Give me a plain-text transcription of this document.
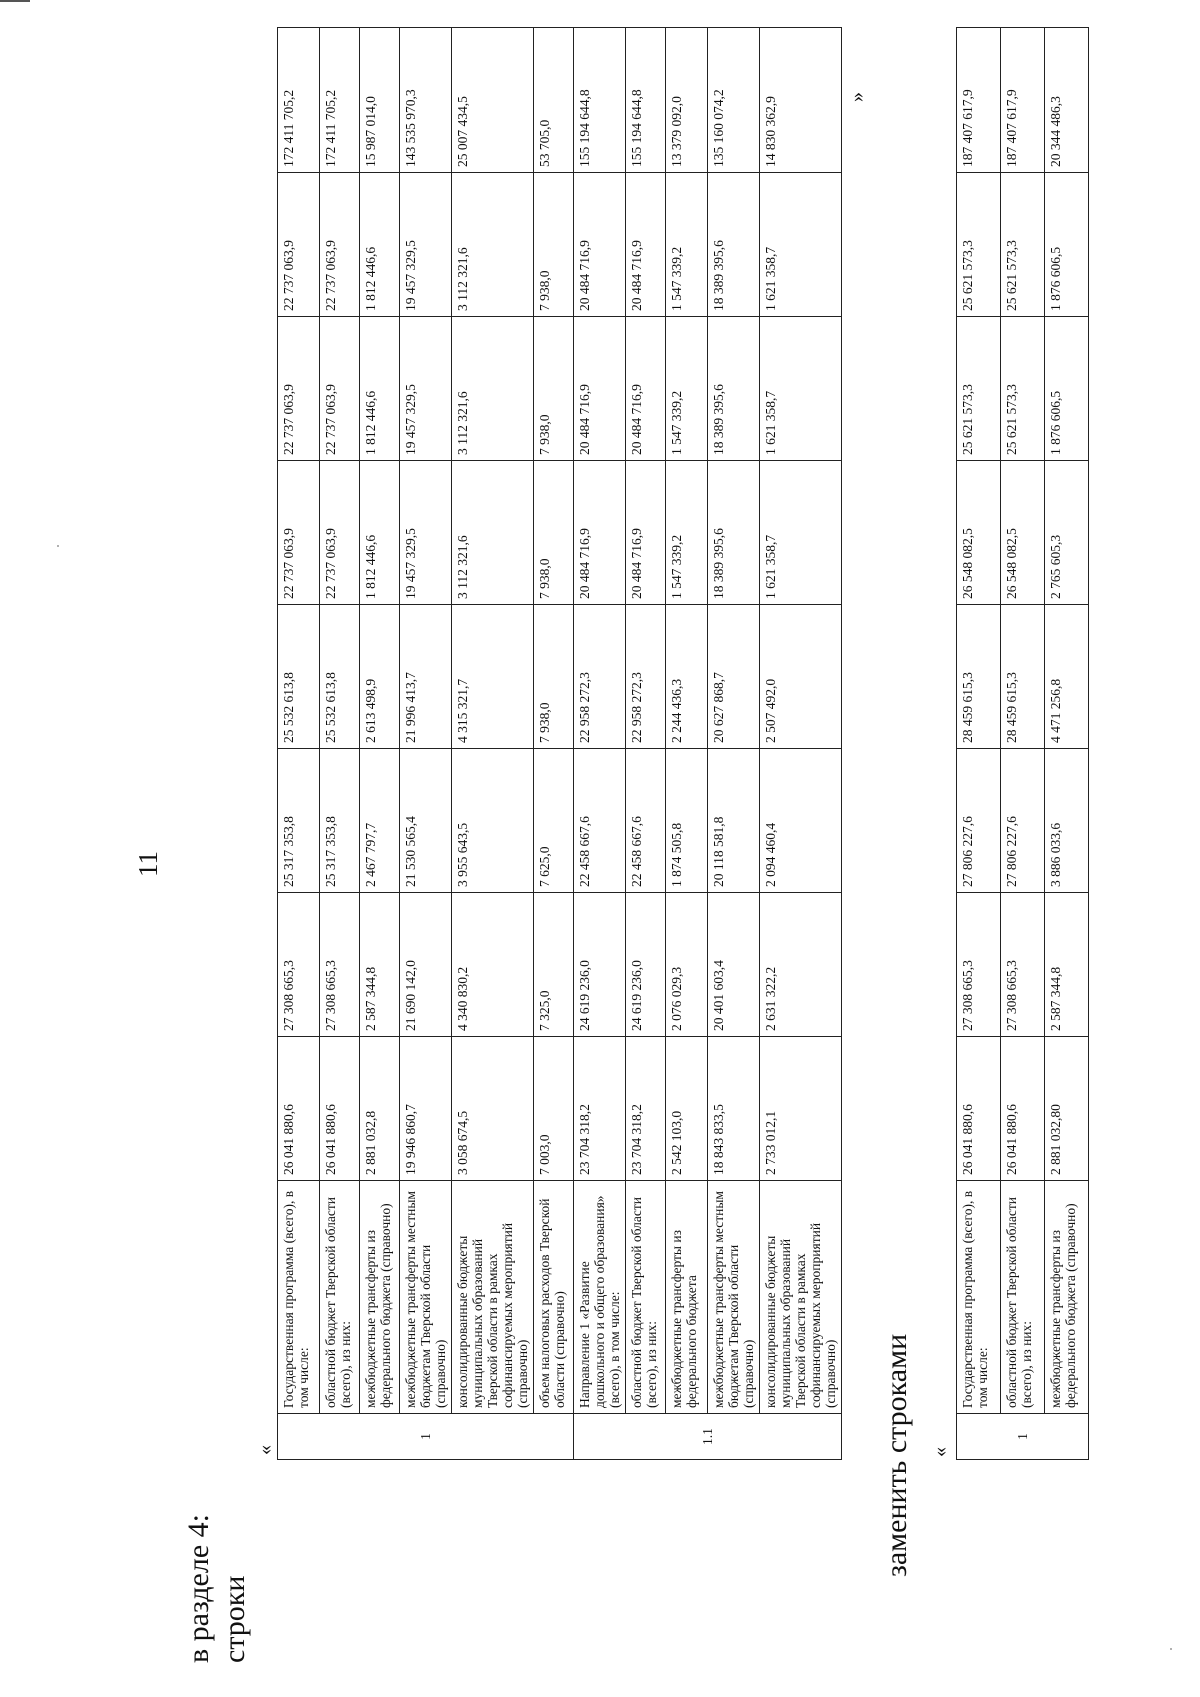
11
в разделе 4: строки
«
1	Государственная программа (всего), в том числе:	26 041 880,6	27 308 665,3	25 317 353,8	25 532 613,8	22 737 063,9	22 737 063,9	22 737 063,9	172 411 705,2
	областной бюджет Тверской области (всего), из них:	26 041 880,6	27 308 665,3	25 317 353,8	25 532 613,8	22 737 063,9	22 737 063,9	22 737 063,9	172 411 705,2
	межбюджетные трансферты из федерального бюджета (справочно)	2 881 032,8	2 587 344,8	2 467 797,7	2 613 498,9	1 812 446,6	1 812 446,6	1 812 446,6	15 987 014,0
	межбюджетные трансферты местным бюджетам Тверской области (справочно)	19 946 860,7	21 690 142,0	21 530 565,4	21 996 413,7	19 457 329,5	19 457 329,5	19 457 329,5	143 535 970,3
	консолидированные бюджеты муниципальных образований Тверской области в рамках софинансируемых мероприятий (справочно)	3 058 674,5	4 340 830,2	3 955 643,5	4 315 321,7	3 112 321,6	3 112 321,6	3 112 321,6	25 007 434,5
	объем налоговых расходов Тверской области (справочно)	7 003,0	7 325,0	7 625,0	7 938,0	7 938,0	7 938,0	7 938,0	53 705,0
1.1	Направление 1 «Развитие дошкольного и общего образования» (всего), в том числе:	23 704 318,2	24 619 236,0	22 458 667,6	22 958 272,3	20 484 716,9	20 484 716,9	20 484 716,9	155 194 644,8
	областной бюджет Тверской области (всего), из них:	23 704 318,2	24 619 236,0	22 458 667,6	22 958 272,3	20 484 716,9	20 484 716,9	20 484 716,9	155 194 644,8
	межбюджетные трансферты из федерального бюджета	2 542 103,0	2 076 029,3	1 874 505,8	2 244 436,3	1 547 339,2	1 547 339,2	1 547 339,2	13 379 092,0
	межбюджетные трансферты местным бюджетам Тверской области (справочно)	18 843 833,5	20 401 603,4	20 118 581,8	20 627 868,7	18 389 395,6	18 389 395,6	18 389 395,6	135 160 074,2
	консолидированные бюджеты муниципальных образований Тверской области в рамках софинансируемых мероприятий (справочно)	2 733 012,1	2 631 322,2	2 094 460,4	2 507 492,0	1 621 358,7	1 621 358,7	1 621 358,7	14 830 362,9	»
заменить строками «
1	Государственная программа (всего), в том числе:	26 041 880,6	27 308 665,3	27 806 227,6	28 459 615,3	26 548 082,5	25 621 573,3	25 621 573,3	187 407 617,9
	областной бюджет Тверской области (всего), из них:	26 041 880,6	27 308 665,3	27 806 227,6	28 459 615,3	26 548 082,5	25 621 573,3	25 621 573,3	187 407 617,9
	межбюджетные трансферты из федерального бюджета (справочно)	2 881 032,80	2 587 344,8	3 886 033,6	4 471 256,8	2 765 605,3	1 876 606,5	1 876 606,5	20 344 486,3
